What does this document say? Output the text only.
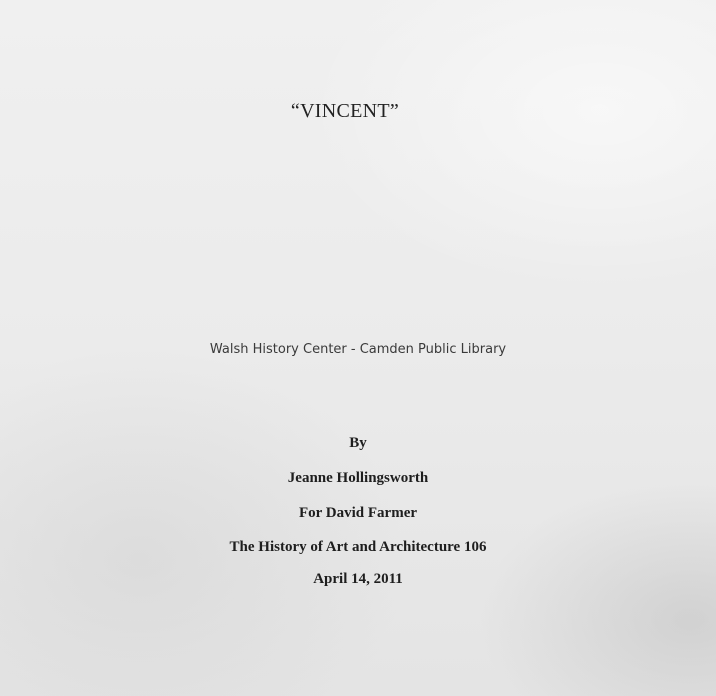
“VINCENT”
Walsh History Center - Camden Public Library
By
Jeanne Hollingsworth
For David Farmer
The History of Art and Architecture 106
April 14, 2011
